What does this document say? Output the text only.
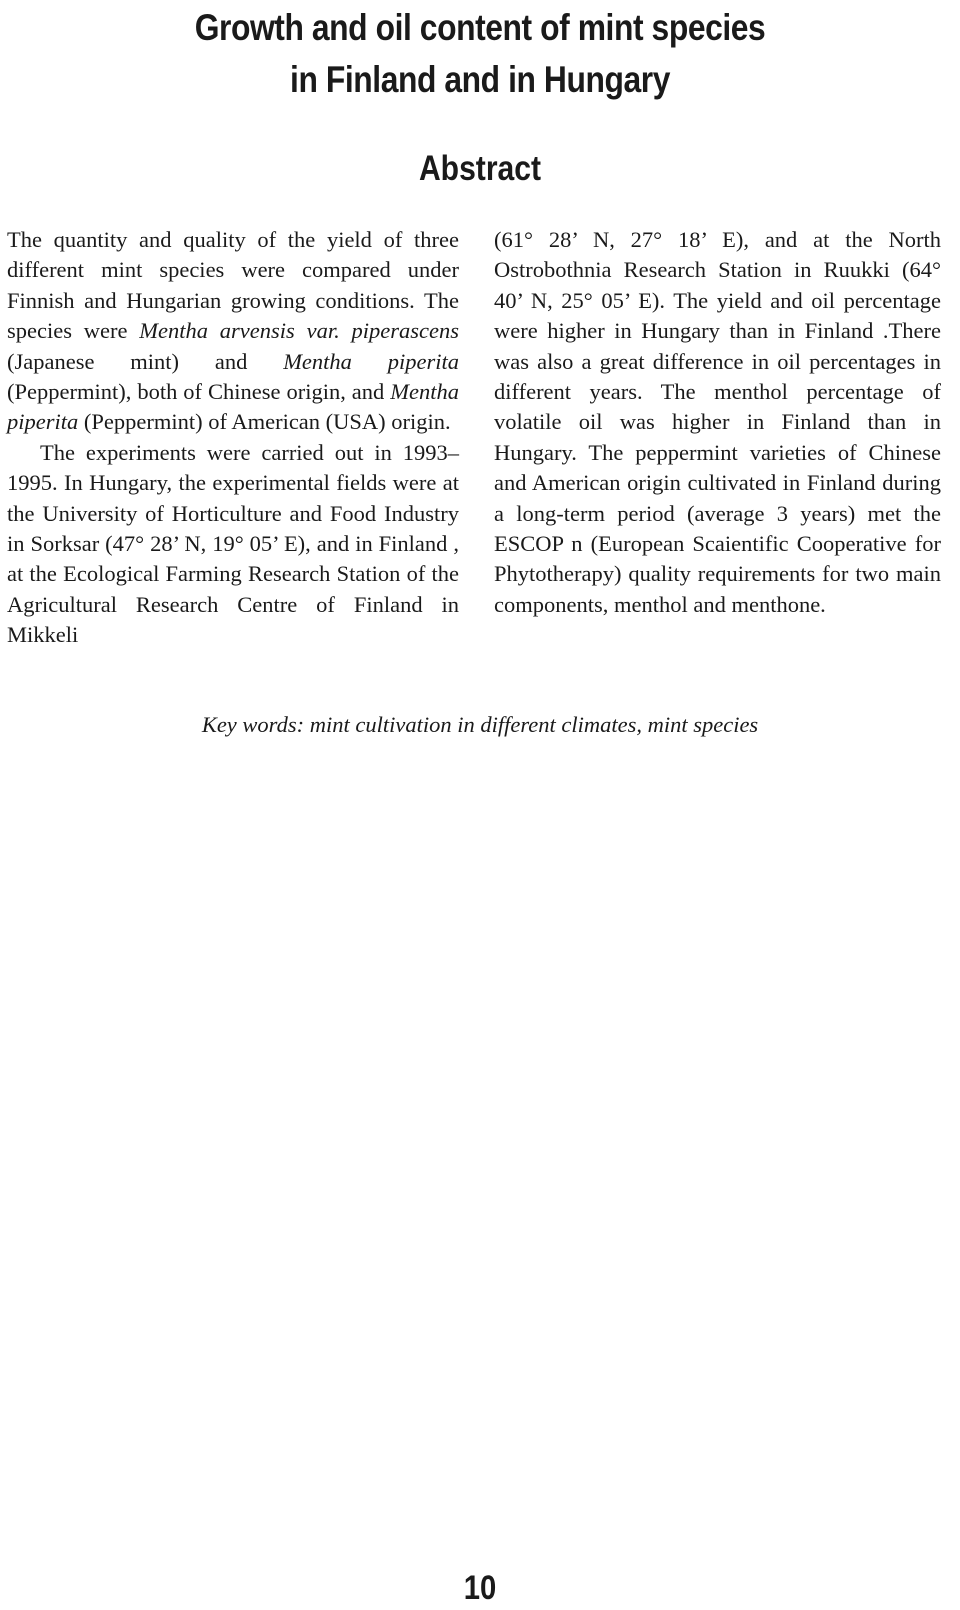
Growth and oil content of mint species
in Finland and in Hungary
Abstract

The quantity and quality of the yield of three different mint species were compared under Finnish and Hungarian growing conditions. The species were Mentha arvensis var. piperascens (Japanese mint) and Mentha piperita (Peppermint), both of Chinese origin, and Mentha piperita (Peppermint) of American (USA) origin.

The experiments were carried out in 1993–1995. In Hungary, the experimental fields were at the University of Horticulture and Food Industry in Sorksar (47° 28’ N, 19° 05’ E), and in Finland , at the Ecological Farming Research Station of the Agricultural Research Centre of Finland in Mikkeli

(61° 28’ N, 27° 18’ E), and at the North Ostrobothnia Research Station in Ruukki (64° 40’ N, 25° 05’ E). The yield and oil percentage were higher in Hungary than in Finland .There was also a great difference in oil percentages in different years. The menthol percentage of volatile oil was higher in Finland than in Hungary. The peppermint varieties of Chinese and American origin cultivated in Finland during a long-term period (average 3 years) met the ESCOP n (European Scaientific Cooperative for Phytotherapy) quality requirements for two main components, menthol and menthone.

Key words: mint cultivation in different climates, mint species
10
